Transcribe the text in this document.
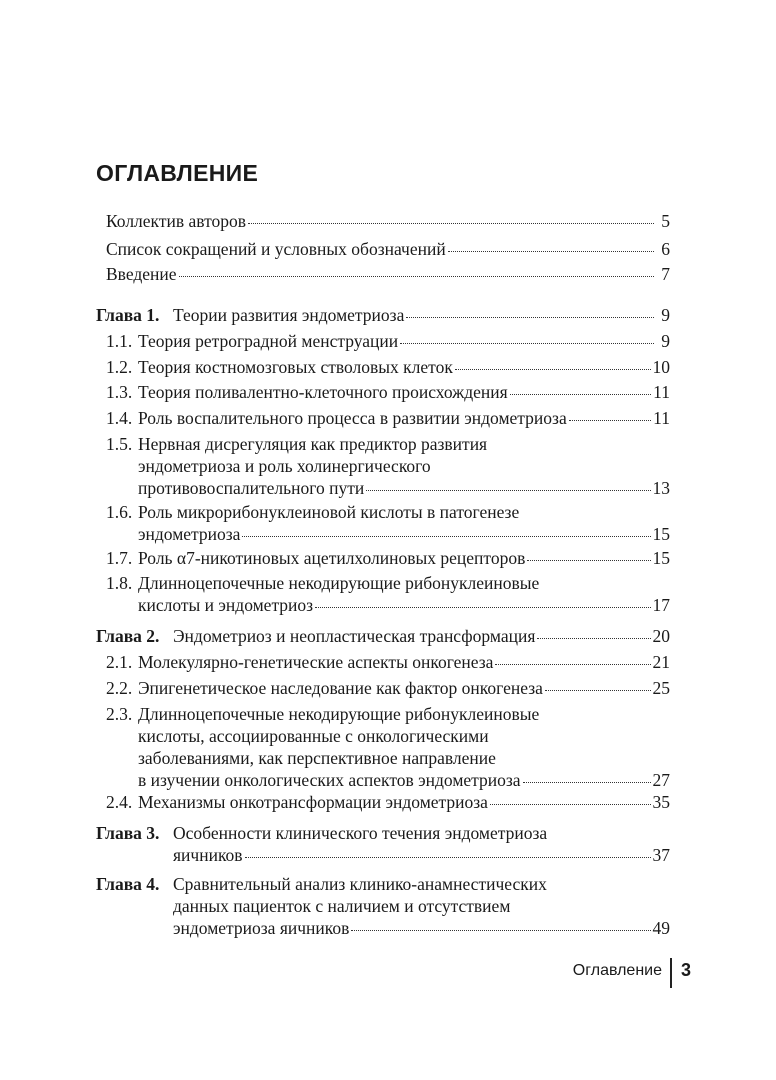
ОГЛАВЛЕНИЕ
Коллектив авторов	5
Список сокращений и условных обозначений	6
Введение	7
Глава 1. Теории развития эндометриоза	9
1.1. Теория ретроградной менструации	9
1.2. Теория костномозговых стволовых клеток	10
1.3. Теория поливалентно-клеточного происхождения	11
1.4. Роль воспалительного процесса в развитии эндометриоза	11
1.5. Нервная дисрегуляция как предиктор развития
эндометриоза и роль холинергического
противовоспалительного пути	13
1.6. Роль микрорибонуклеиновой кислоты в патогенезе
эндометриоза	15
1.7. Роль α7-никотиновых ацетилхолиновых рецепторов	15
1.8. Длинноцепочечные некодирующие рибонуклеиновые
кислоты и эндометриоз	17
Глава 2. Эндометриоз и неопластическая трансформация	20
2.1. Молекулярно-генетические аспекты онкогенеза	21
2.2. Эпигенетическое наследование как фактор онкогенеза	25
2.3. Длинноцепочечные некодирующие рибонуклеиновые
кислоты, ассоциированные с онкологическими
заболеваниями, как перспективное направление
в изучении онкологических аспектов эндометриоза	27
2.4. Механизмы онкотрансформации эндометриоза	35
Глава 3. Особенности клинического течения эндометриоза
яичников	37
Глава 4. Сравнительный анализ клинико-анамнестических
данных пациенток с наличием и отсутствием
эндометриоза яичников	49
Оглавление 3
